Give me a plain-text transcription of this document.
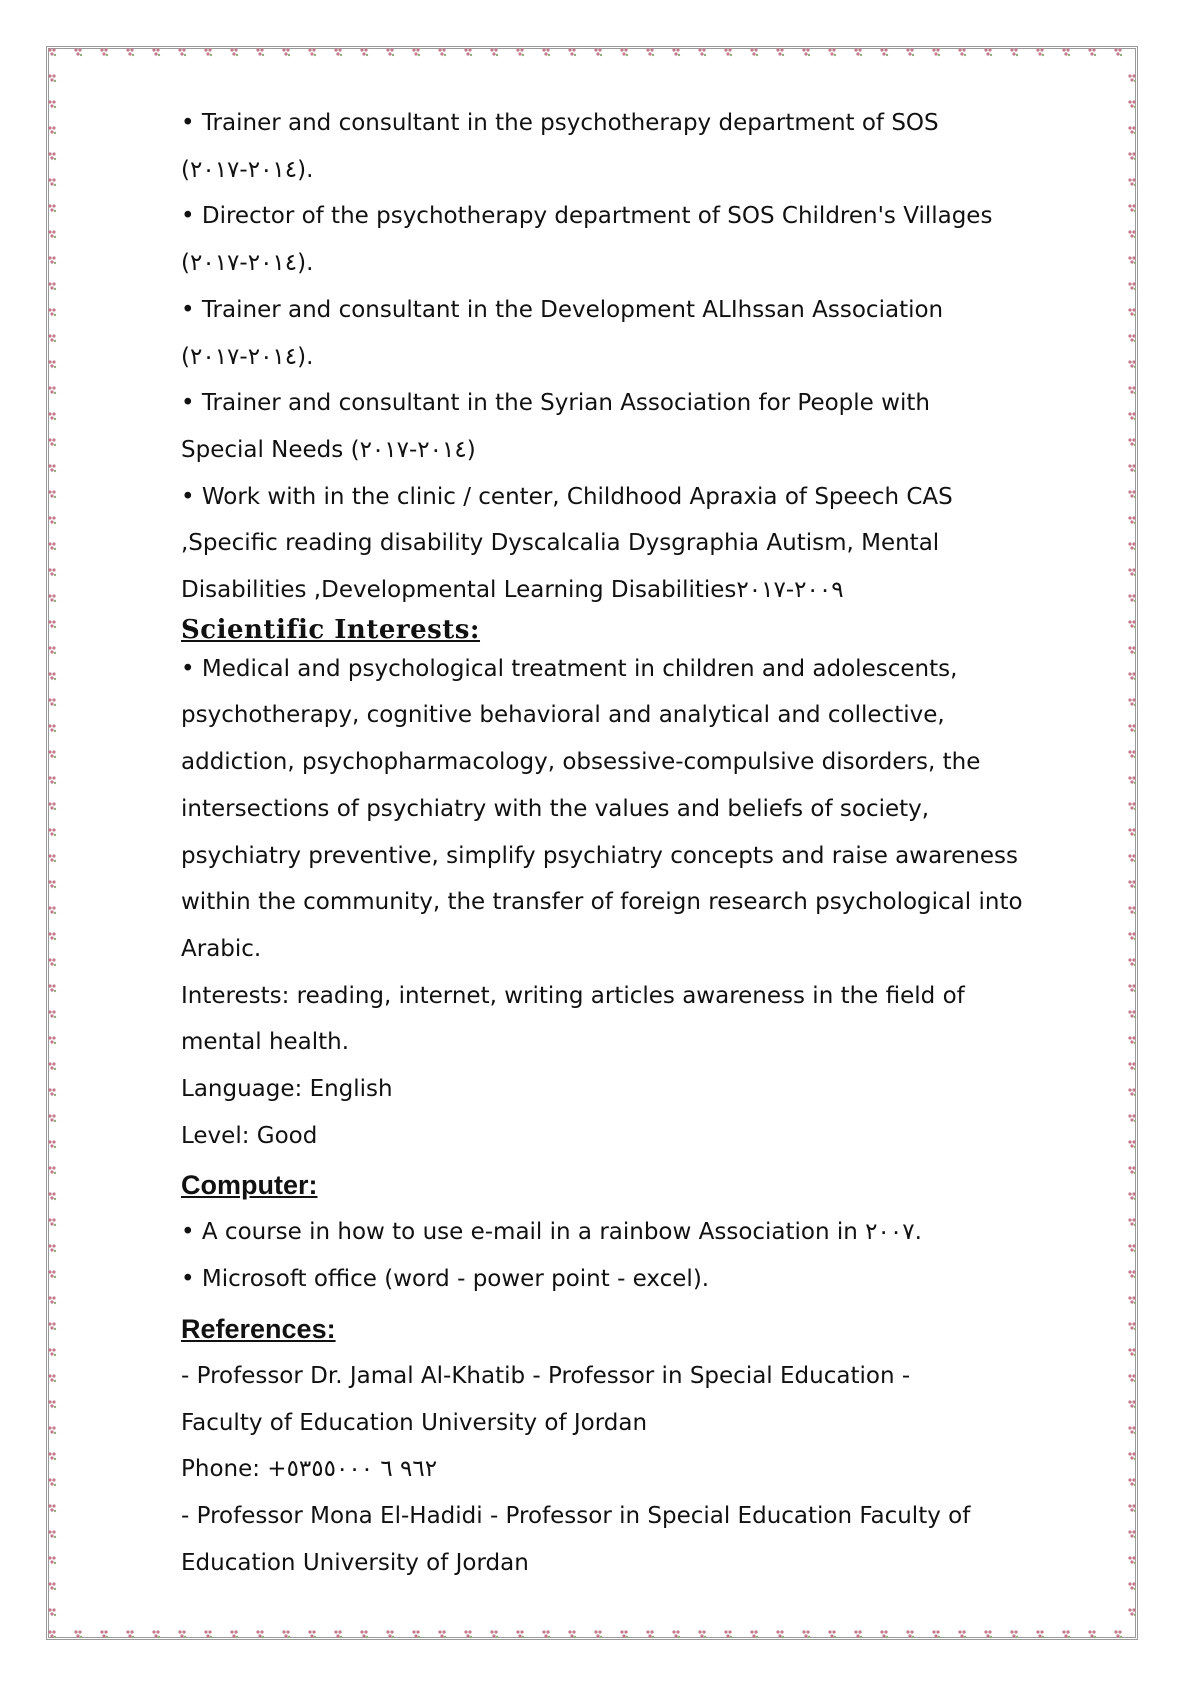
• Trainer and consultant in the psychotherapy department of SOS

(٢٠١٤-٢٠١٧).

• Director of the psychotherapy department of SOS Children's Villages

(٢٠١٤-٢٠١٧).

• Trainer and consultant in the Development ALIhssan Association

(٢٠١٤-٢٠١٧).

• Trainer and consultant in the Syrian Association for People with

Special Needs (٢٠١٤-٢٠١٧)

• Work with in the clinic / center, Childhood Apraxia of Speech CAS

,Specific reading disability Dyscalcalia Dysgraphia Autism, Mental

Disabilities ,Developmental Learning Disabilities٢٠٠٩-٢٠١٧

Scientific Interests:

• Medical and psychological treatment in children and adolescents,

psychotherapy, cognitive behavioral and analytical and collective,

addiction, psychopharmacology, obsessive-compulsive disorders, the

intersections of psychiatry with the values and beliefs of society,

psychiatry preventive, simplify psychiatry concepts and raise awareness

within the community, the transfer of foreign research psychological into

Arabic.

Interests: reading, internet, writing articles awareness in the field of

mental health.

Language: English

Level: Good

Computer:

• A course in how to use e-mail in a rainbow Association in ٢٠٠٧.

• Microsoft office (word - power point - excel).

References:

- Professor Dr. Jamal Al-Khatib - Professor in Special Education -

Faculty of Education University of Jordan

Phone: +٩٦٢ ٦ ٥٣٥٥٠٠٠

- Professor Mona El-Hadidi - Professor in Special Education Faculty of

Education University of Jordan
